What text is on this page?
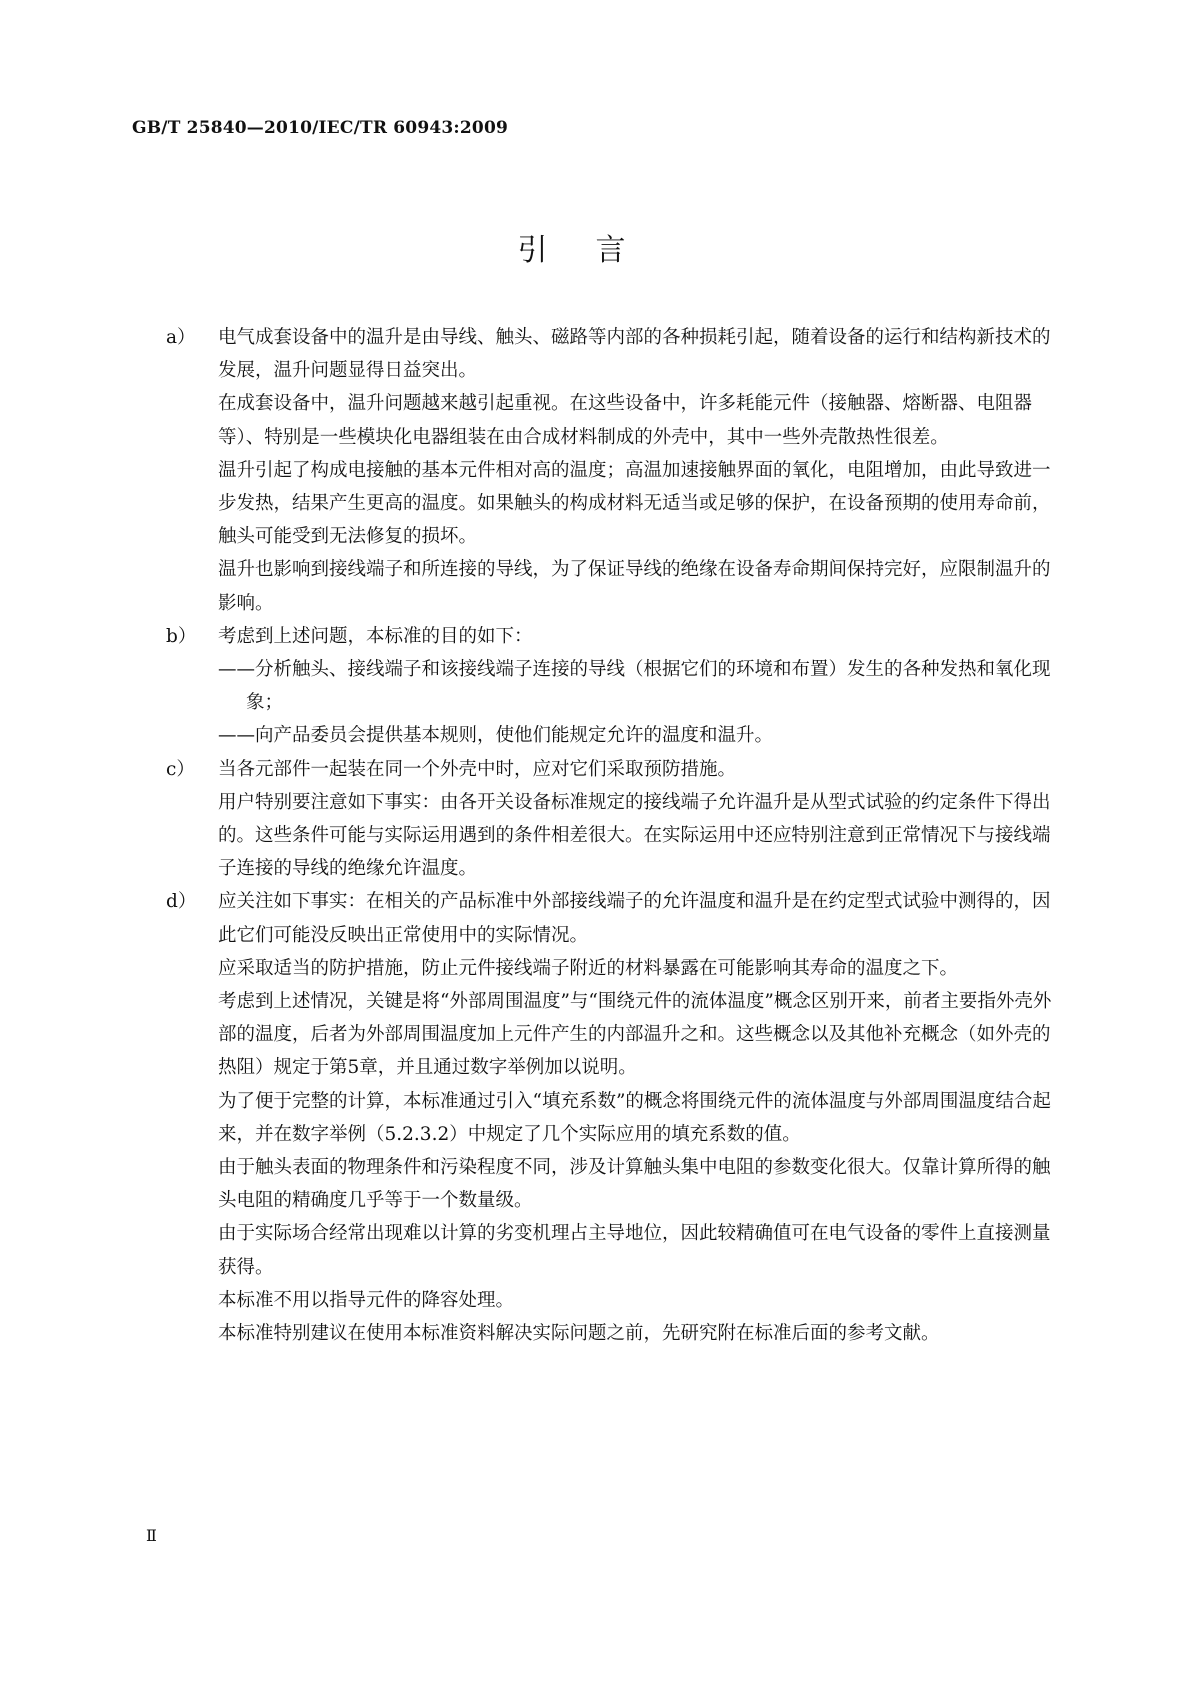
GB/T 25840—2010/IEC/TR 60943:2009
引言
a） 电气成套设备中的温升是由导线、触头、磁路等内部的各种损耗引起，随着设备的运行和结构新技术的发展，温升问题显得日益突出。
在成套设备中，温升问题越来越引起重视。在这些设备中，许多耗能元件（接触器、熔断器、电阻器等）、特别是一些模块化电器组装在由合成材料制成的外壳中，其中一些外壳散热性很差。
温升引起了构成电接触的基本元件相对高的温度；高温加速接触界面的氧化，电阻增加，由此导致进一步发热，结果产生更高的温度。如果触头的构成材料无适当或足够的保护，在设备预期的使用寿命前，触头可能受到无法修复的损坏。
温升也影响到接线端子和所连接的导线，为了保证导线的绝缘在设备寿命期间保持完好，应限制温升的影响。
b） 考虑到上述问题，本标准的目的如下：
——分析触头、接线端子和该接线端子连接的导线（根据它们的环境和布置）发生的各种发热和氧化现象；
——向产品委员会提供基本规则，使他们能规定允许的温度和温升。
c） 当各元部件一起装在同一个外壳中时，应对它们采取预防措施。
用户特别要注意如下事实：由各开关设备标准规定的接线端子允许温升是从型式试验的约定条件下得出的。这些条件可能与实际运用遇到的条件相差很大。在实际运用中还应特别注意到正常情况下与接线端子连接的导线的绝缘允许温度。
d） 应关注如下事实：在相关的产品标准中外部接线端子的允许温度和温升是在约定型式试验中测得的，因此它们可能没反映出正常使用中的实际情况。
应采取适当的防护措施，防止元件接线端子附近的材料暴露在可能影响其寿命的温度之下。
考虑到上述情况，关键是将“外部周围温度”与“围绕元件的流体温度”概念区别开来，前者主要指外壳外部的温度，后者为外部周围温度加上元件产生的内部温升之和。这些概念以及其他补充概念（如外壳的热阻）规定于第5章，并且通过数字举例加以说明。
为了便于完整的计算，本标准通过引入“填充系数”的概念将围绕元件的流体温度与外部周围温度结合起来，并在数字举例（5.2.3.2）中规定了几个实际应用的填充系数的值。
由于触头表面的物理条件和污染程度不同，涉及计算触头集中电阻的参数变化很大。仅靠计算所得的触头电阻的精确度几乎等于一个数量级。
由于实际场合经常出现难以计算的劣变机理占主导地位，因此较精确值可在电气设备的零件上直接测量获得。
本标准不用以指导元件的降容处理。
本标准特别建议在使用本标准资料解决实际问题之前，先研究附在标准后面的参考文献。
Ⅱ
